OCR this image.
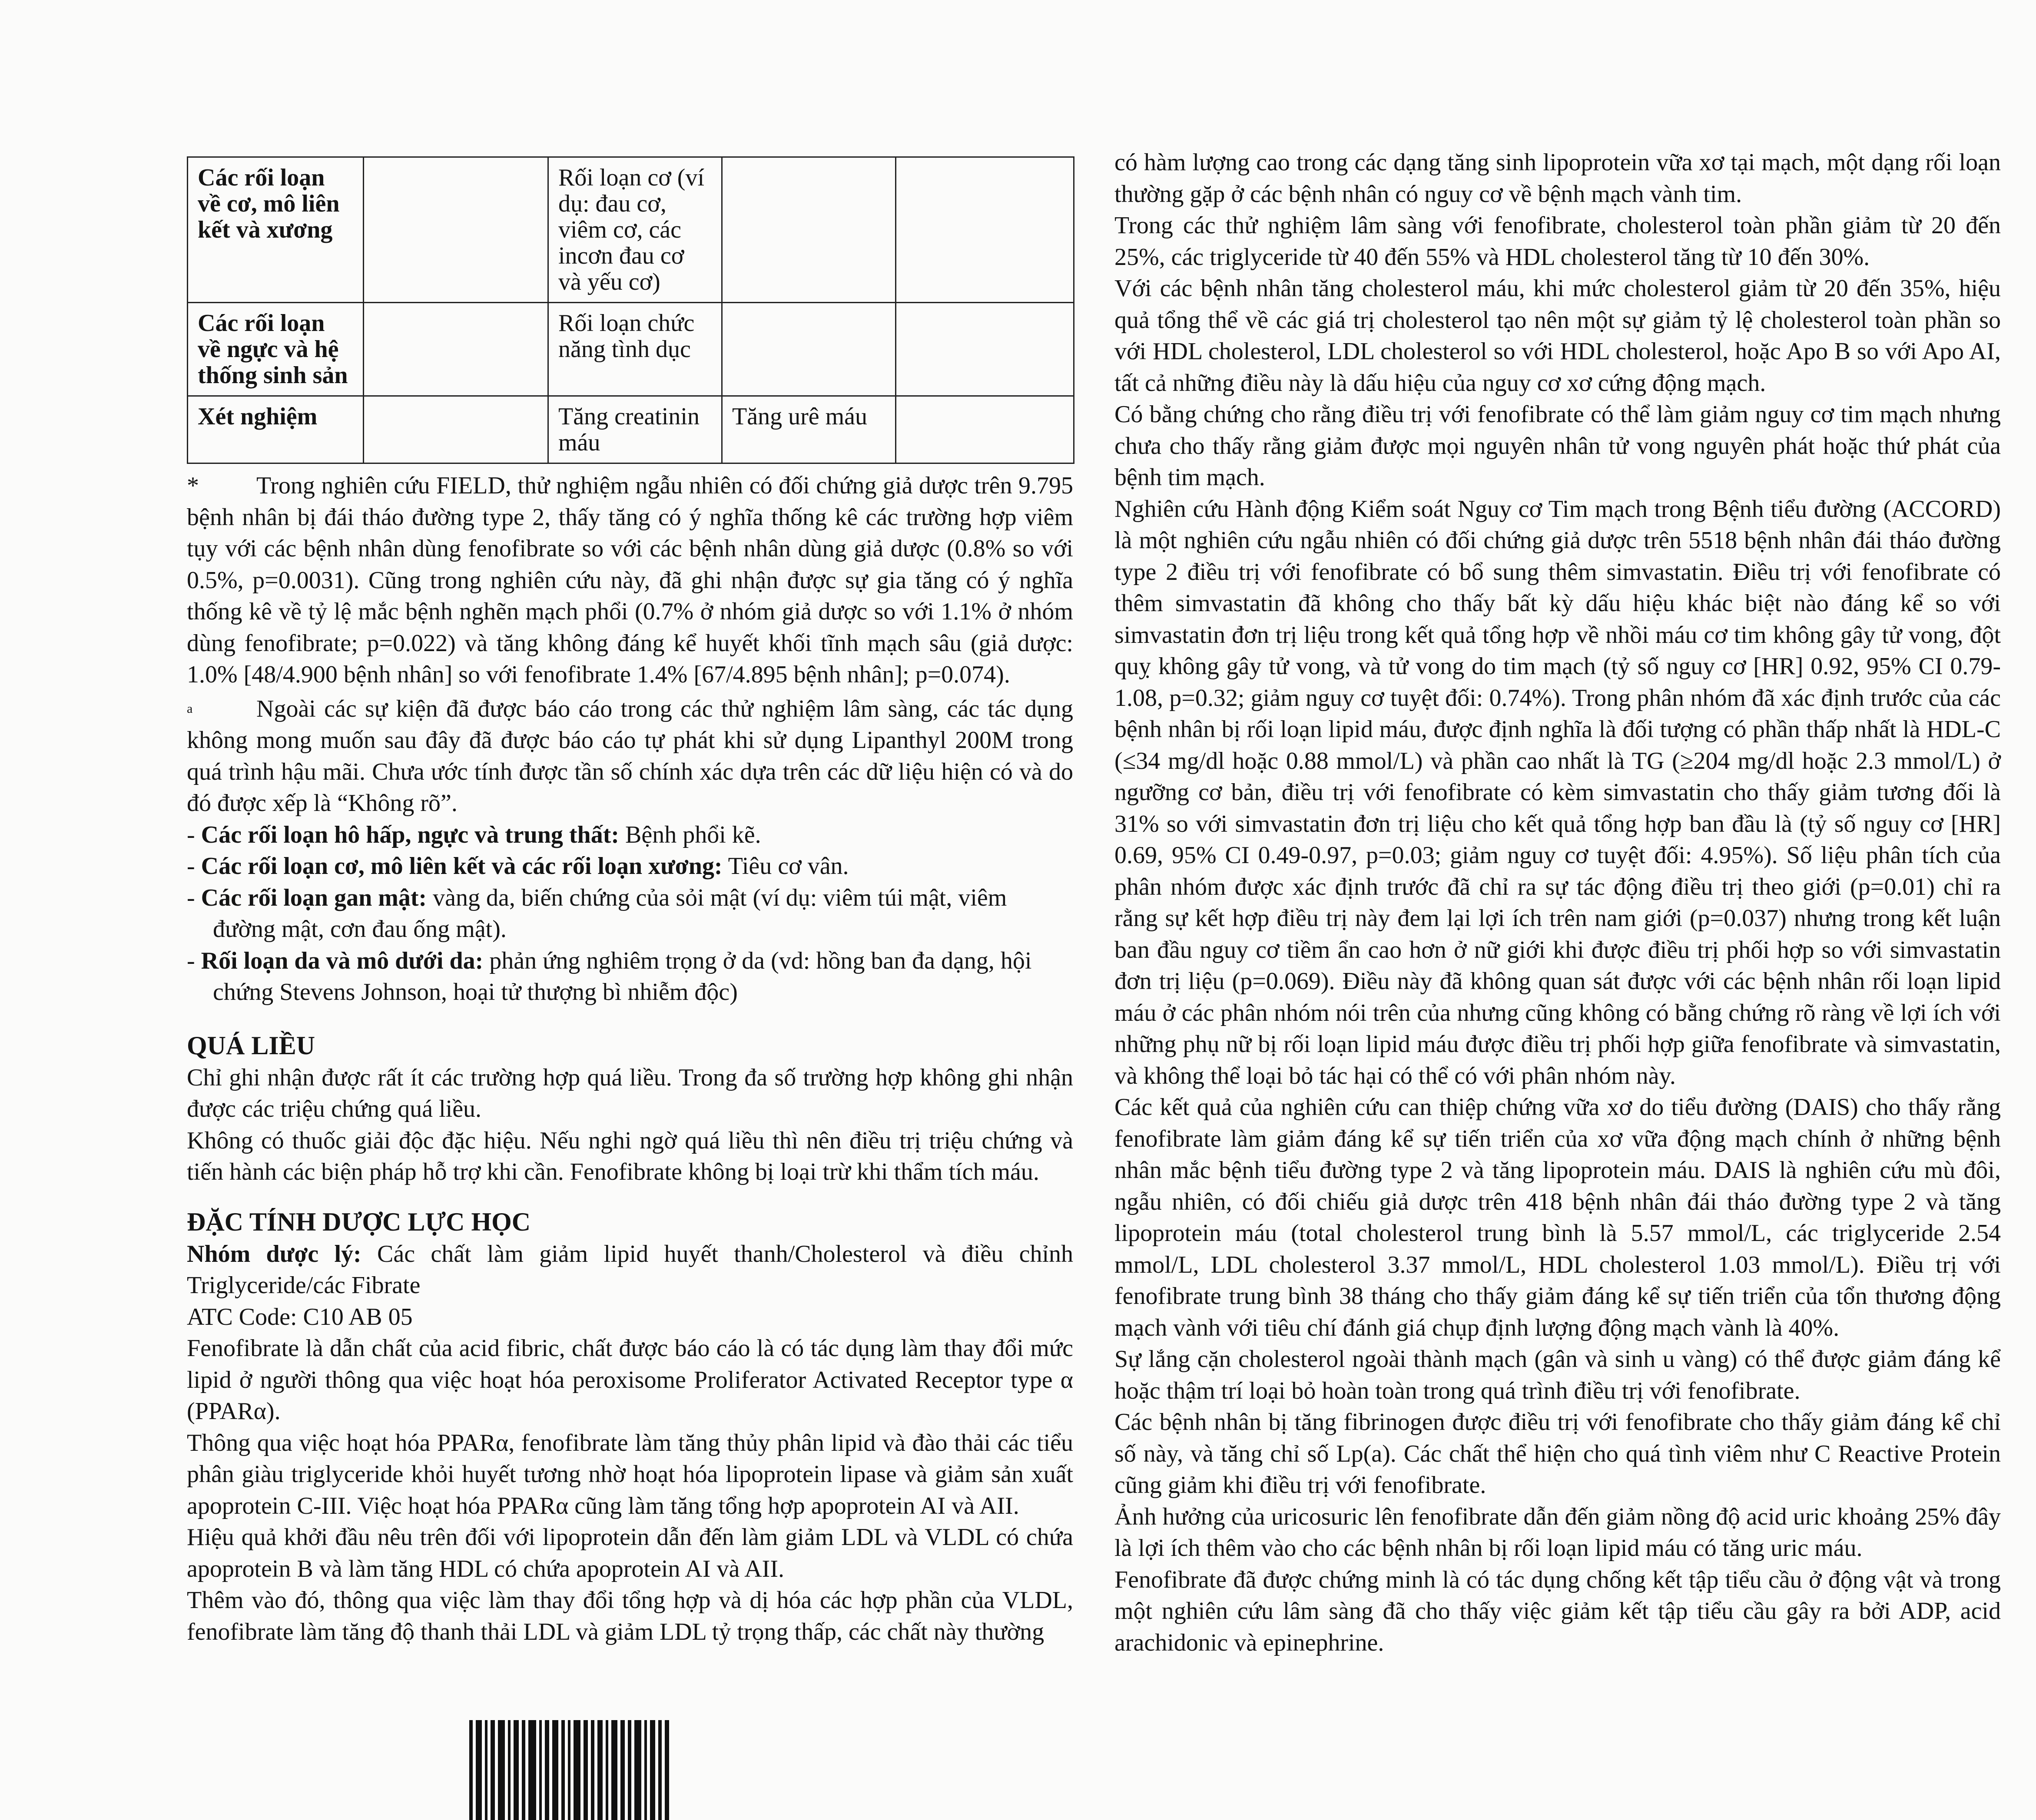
Các rối loạn về cơ, mô liên kết và xương		Rối loạn cơ (ví dụ: đau cơ, viêm cơ, các incơn đau cơ và yếu cơ)		
Các rối loạn về ngực và hệ thống sinh sản		Rối loạn chức năng tình dục		
Xét nghiệm		Tăng creatinin máu	Tăng urê máu	

* Trong nghiên cứu FIELD, thử nghiệm ngẫu nhiên có đối chứng giả dược trên 9.795 bệnh nhân bị đái tháo đường type 2, thấy tăng có ý nghĩa thống kê các trường hợp viêm tụy với các bệnh nhân dùng fenofibrate so với các bệnh nhân dùng giả dược (0.8% so với 0.5%, p=0.0031). Cũng trong nghiên cứu này, đã ghi nhận được sự gia tăng có ý nghĩa thống kê về tỷ lệ mắc bệnh nghẽn mạch phổi (0.7% ở nhóm giả dược so với 1.1% ở nhóm dùng fenofibrate; p=0.022) và tăng không đáng kể huyết khối tĩnh mạch sâu (giả dược: 1.0% [48/4.900 bệnh nhân] so với fenofibrate 1.4% [67/4.895 bệnh nhân]; p=0.074).

a	Ngoài các sự kiện đã được báo cáo trong các thử nghiệm lâm sàng, các tác dụng không mong muốn sau đây đã được báo cáo tự phát khi sử dụng Lipanthyl 200M trong quá trình hậu mãi. Chưa ước tính được tần số chính xác dựa trên các dữ liệu hiện có và do đó được xếp là “Không rõ”.

- Các rối loạn hô hấp, ngực và trung thất: Bệnh phổi kẽ.
- Các rối loạn cơ, mô liên kết và các rối loạn xương: Tiêu cơ vân.
- Các rối loạn gan mật: vàng da, biến chứng của sỏi mật (ví dụ: viêm túi mật, viêm đường mật, cơn đau ống mật).
- Rối loạn da và mô dưới da: phản ứng nghiêm trọng ở da (vd: hồng ban đa dạng, hội chứng Stevens Johnson, hoại tử thượng bì nhiễm độc)
QUÁ LIỀU

Chỉ ghi nhận được rất ít các trường hợp quá liều. Trong đa số trường hợp không ghi nhận được các triệu chứng quá liều.

Không có thuốc giải độc đặc hiệu. Nếu nghi ngờ quá liều thì nên điều trị triệu chứng và tiến hành các biện pháp hỗ trợ khi cần. Fenofibrate không bị loại trừ khi thẩm tích máu.

ĐẶC TÍNH DƯỢC LỰC HỌC

Nhóm dược lý: Các chất làm giảm lipid huyết thanh/Cholesterol và điều chỉnh Triglyceride/các Fibrate

ATC Code: C10 AB 05

Fenofibrate là dẫn chất của acid fibric, chất được báo cáo là có tác dụng làm thay đổi mức lipid ở người thông qua việc hoạt hóa peroxisome Proliferator Activated Receptor type α (PPARα).

Thông qua việc hoạt hóa PPARα, fenofibrate làm tăng thủy phân lipid và đào thải các tiểu phân giàu triglyceride khỏi huyết tương nhờ hoạt hóa lipoprotein lipase và giảm sản xuất apoprotein C-III. Việc hoạt hóa PPARα cũng làm tăng tổng hợp apoprotein AI và AII.

Hiệu quả khởi đầu nêu trên đối với lipoprotein dẫn đến làm giảm LDL và VLDL có chứa apoprotein B và làm tăng HDL có chứa apoprotein AI và AII.

Thêm vào đó, thông qua việc làm thay đổi tổng hợp và dị hóa các hợp phần của VLDL, fenofibrate làm tăng độ thanh thải LDL và giảm LDL tỷ trọng thấp, các chất này thường

có hàm lượng cao trong các dạng tăng sinh lipoprotein vữa xơ tại mạch, một dạng rối loạn thường gặp ở các bệnh nhân có nguy cơ về bệnh mạch vành tim.

Trong các thử nghiệm lâm sàng với fenofibrate, cholesterol toàn phần giảm từ 20 đến 25%, các triglyceride từ 40 đến 55% và HDL cholesterol tăng từ 10 đến 30%.

Với các bệnh nhân tăng cholesterol máu, khi mức cholesterol giảm từ 20 đến 35%, hiệu quả tổng thể về các giá trị cholesterol tạo nên một sự giảm tỷ lệ cholesterol toàn phần so với HDL cholesterol, LDL cholesterol so với HDL cholesterol, hoặc Apo B so với Apo AI, tất cả những điều này là dấu hiệu của nguy cơ xơ cứng động mạch.

Có bằng chứng cho rằng điều trị với fenofibrate có thể làm giảm nguy cơ tim mạch nhưng chưa cho thấy rằng giảm được mọi nguyên nhân tử vong nguyên phát hoặc thứ phát của bệnh tim mạch.

Nghiên cứu Hành động Kiểm soát Nguy cơ Tim mạch trong Bệnh tiểu đường (ACCORD) là một nghiên cứu ngẫu nhiên có đối chứng giả dược trên 5518 bệnh nhân đái tháo đường type 2 điều trị với fenofibrate có bổ sung thêm simvastatin. Điều trị với fenofibrate có thêm simvastatin đã không cho thấy bất kỳ dấu hiệu khác biệt nào đáng kể so với simvastatin đơn trị liệu trong kết quả tổng hợp về nhồi máu cơ tim không gây tử vong, đột quỵ không gây tử vong, và tử vong do tim mạch (tỷ số nguy cơ [HR] 0.92, 95% CI 0.79-1.08, p=0.32; giảm nguy cơ tuyệt đối: 0.74%). Trong phân nhóm đã xác định trước của các bệnh nhân bị rối loạn lipid máu, được định nghĩa là đối tượng có phần thấp nhất là HDL-C (≤34 mg/dl hoặc 0.88 mmol/L) và phần cao nhất là TG (≥204 mg/dl hoặc 2.3 mmol/L) ở ngưỡng cơ bản, điều trị với fenofibrate có kèm simvastatin cho thấy giảm tương đối là 31% so với simvastatin đơn trị liệu cho kết quả tổng hợp ban đầu là (tỷ số nguy cơ [HR] 0.69, 95% CI 0.49-0.97, p=0.03; giảm nguy cơ tuyệt đối: 4.95%). Số liệu phân tích của phân nhóm được xác định trước đã chỉ ra sự tác động điều trị theo giới (p=0.01) chỉ ra rằng sự kết hợp điều trị này đem lại lợi ích trên nam giới (p=0.037) nhưng trong kết luận ban đầu nguy cơ tiềm ẩn cao hơn ở nữ giới khi được điều trị phối hợp so với simvastatin đơn trị liệu (p=0.069). Điều này đã không quan sát được với các bệnh nhân rối loạn lipid máu ở các phân nhóm nói trên của nhưng cũng không có bằng chứng rõ ràng về lợi ích với những phụ nữ bị rối loạn lipid máu được điều trị phối hợp giữa fenofibrate và simvastatin, và không thể loại bỏ tác hại có thể có với phân nhóm này.

Các kết quả của nghiên cứu can thiệp chứng vữa xơ do tiểu đường (DAIS) cho thấy rằng fenofibrate làm giảm đáng kể sự tiến triển của xơ vữa động mạch chính ở những bệnh nhân mắc bệnh tiểu đường type 2 và tăng lipoprotein máu. DAIS là nghiên cứu mù đôi, ngẫu nhiên, có đối chiếu giả dược trên 418 bệnh nhân đái tháo đường type 2 và tăng lipoprotein máu (total cholesterol trung bình là 5.57 mmol/L, các triglyceride 2.54 mmol/L, LDL cholesterol 3.37 mmol/L, HDL cholesterol 1.03 mmol/L). Điều trị với fenofibrate trung bình 38 tháng cho thấy giảm đáng kể sự tiến triển của tổn thương động mạch vành với tiêu chí đánh giá chụp định lượng động mạch vành là 40%.

Sự lắng cặn cholesterol ngoài thành mạch (gân và sinh u vàng) có thể được giảm đáng kể hoặc thậm trí loại bỏ hoàn toàn trong quá trình điều trị với fenofibrate.

Các bệnh nhân bị tăng fibrinogen được điều trị với fenofibrate cho thấy giảm đáng kể chỉ số này, và tăng chỉ số Lp(a). Các chất thể hiện cho quá tình viêm như C Reactive Protein cũng giảm khi điều trị với fenofibrate.

Ảnh hưởng của uricosuric lên fenofibrate dẫn đến giảm nồng độ acid uric khoảng 25% đây là lợi ích thêm vào cho các bệnh nhân bị rối loạn lipid máu có tăng uric máu.

Fenofibrate đã được chứng minh là có tác dụng chống kết tập tiểu cầu ở động vật và trong một nghiên cứu lâm sàng đã cho thấy việc giảm kết tập tiểu cầu gây ra bởi ADP, acid arachidonic và epinephrine.
